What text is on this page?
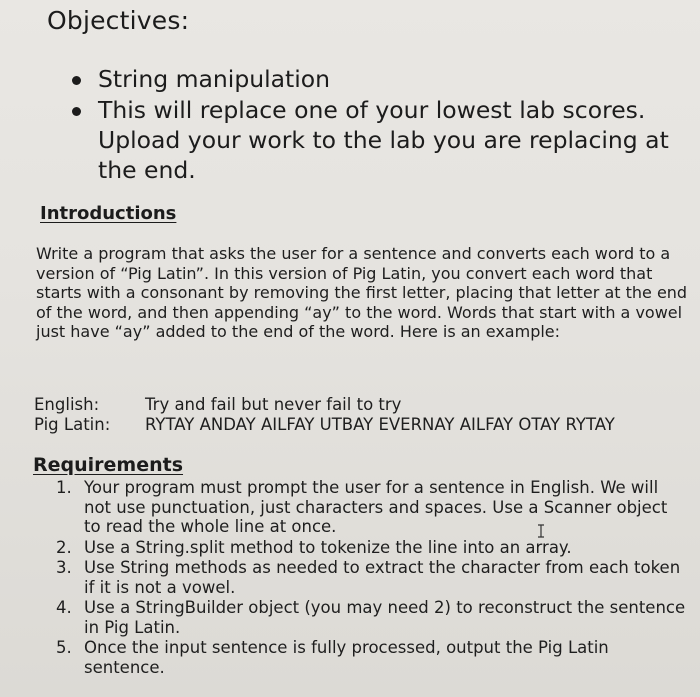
Objectives:
String manipulation
This will replace one of your lowest lab scores. Upload your work to the lab you are replacing at the end.
Introductions

Write a program that asks the user for a sentence and converts each word to a version of “Pig Latin”. In this version of Pig Latin, you convert each word that starts with a consonant by removing the first letter, placing that letter at the end of the word, and then appending “ay” to the word. Words that start with a vowel just have “ay” added to the end of the word. Here is an example:

English:	Try and fail but never fail to try
Pig Latin:	RYTAY ANDAY AILFAY UTBAY EVERNAY AILFAY OTAY RYTAY
Requirements
1. Your program must prompt the user for a sentence in English. We will not use punctuation, just characters and spaces. Use a Scanner object to read the whole line at once.
2. Use a String.split method to tokenize the line into an array.
3. Use String methods as needed to extract the character from each token if it is not a vowel.
4. Use a StringBuilder object (you may need 2) to reconstruct the sentence in Pig Latin.
5. Once the input sentence is fully processed, output the Pig Latin sentence.
